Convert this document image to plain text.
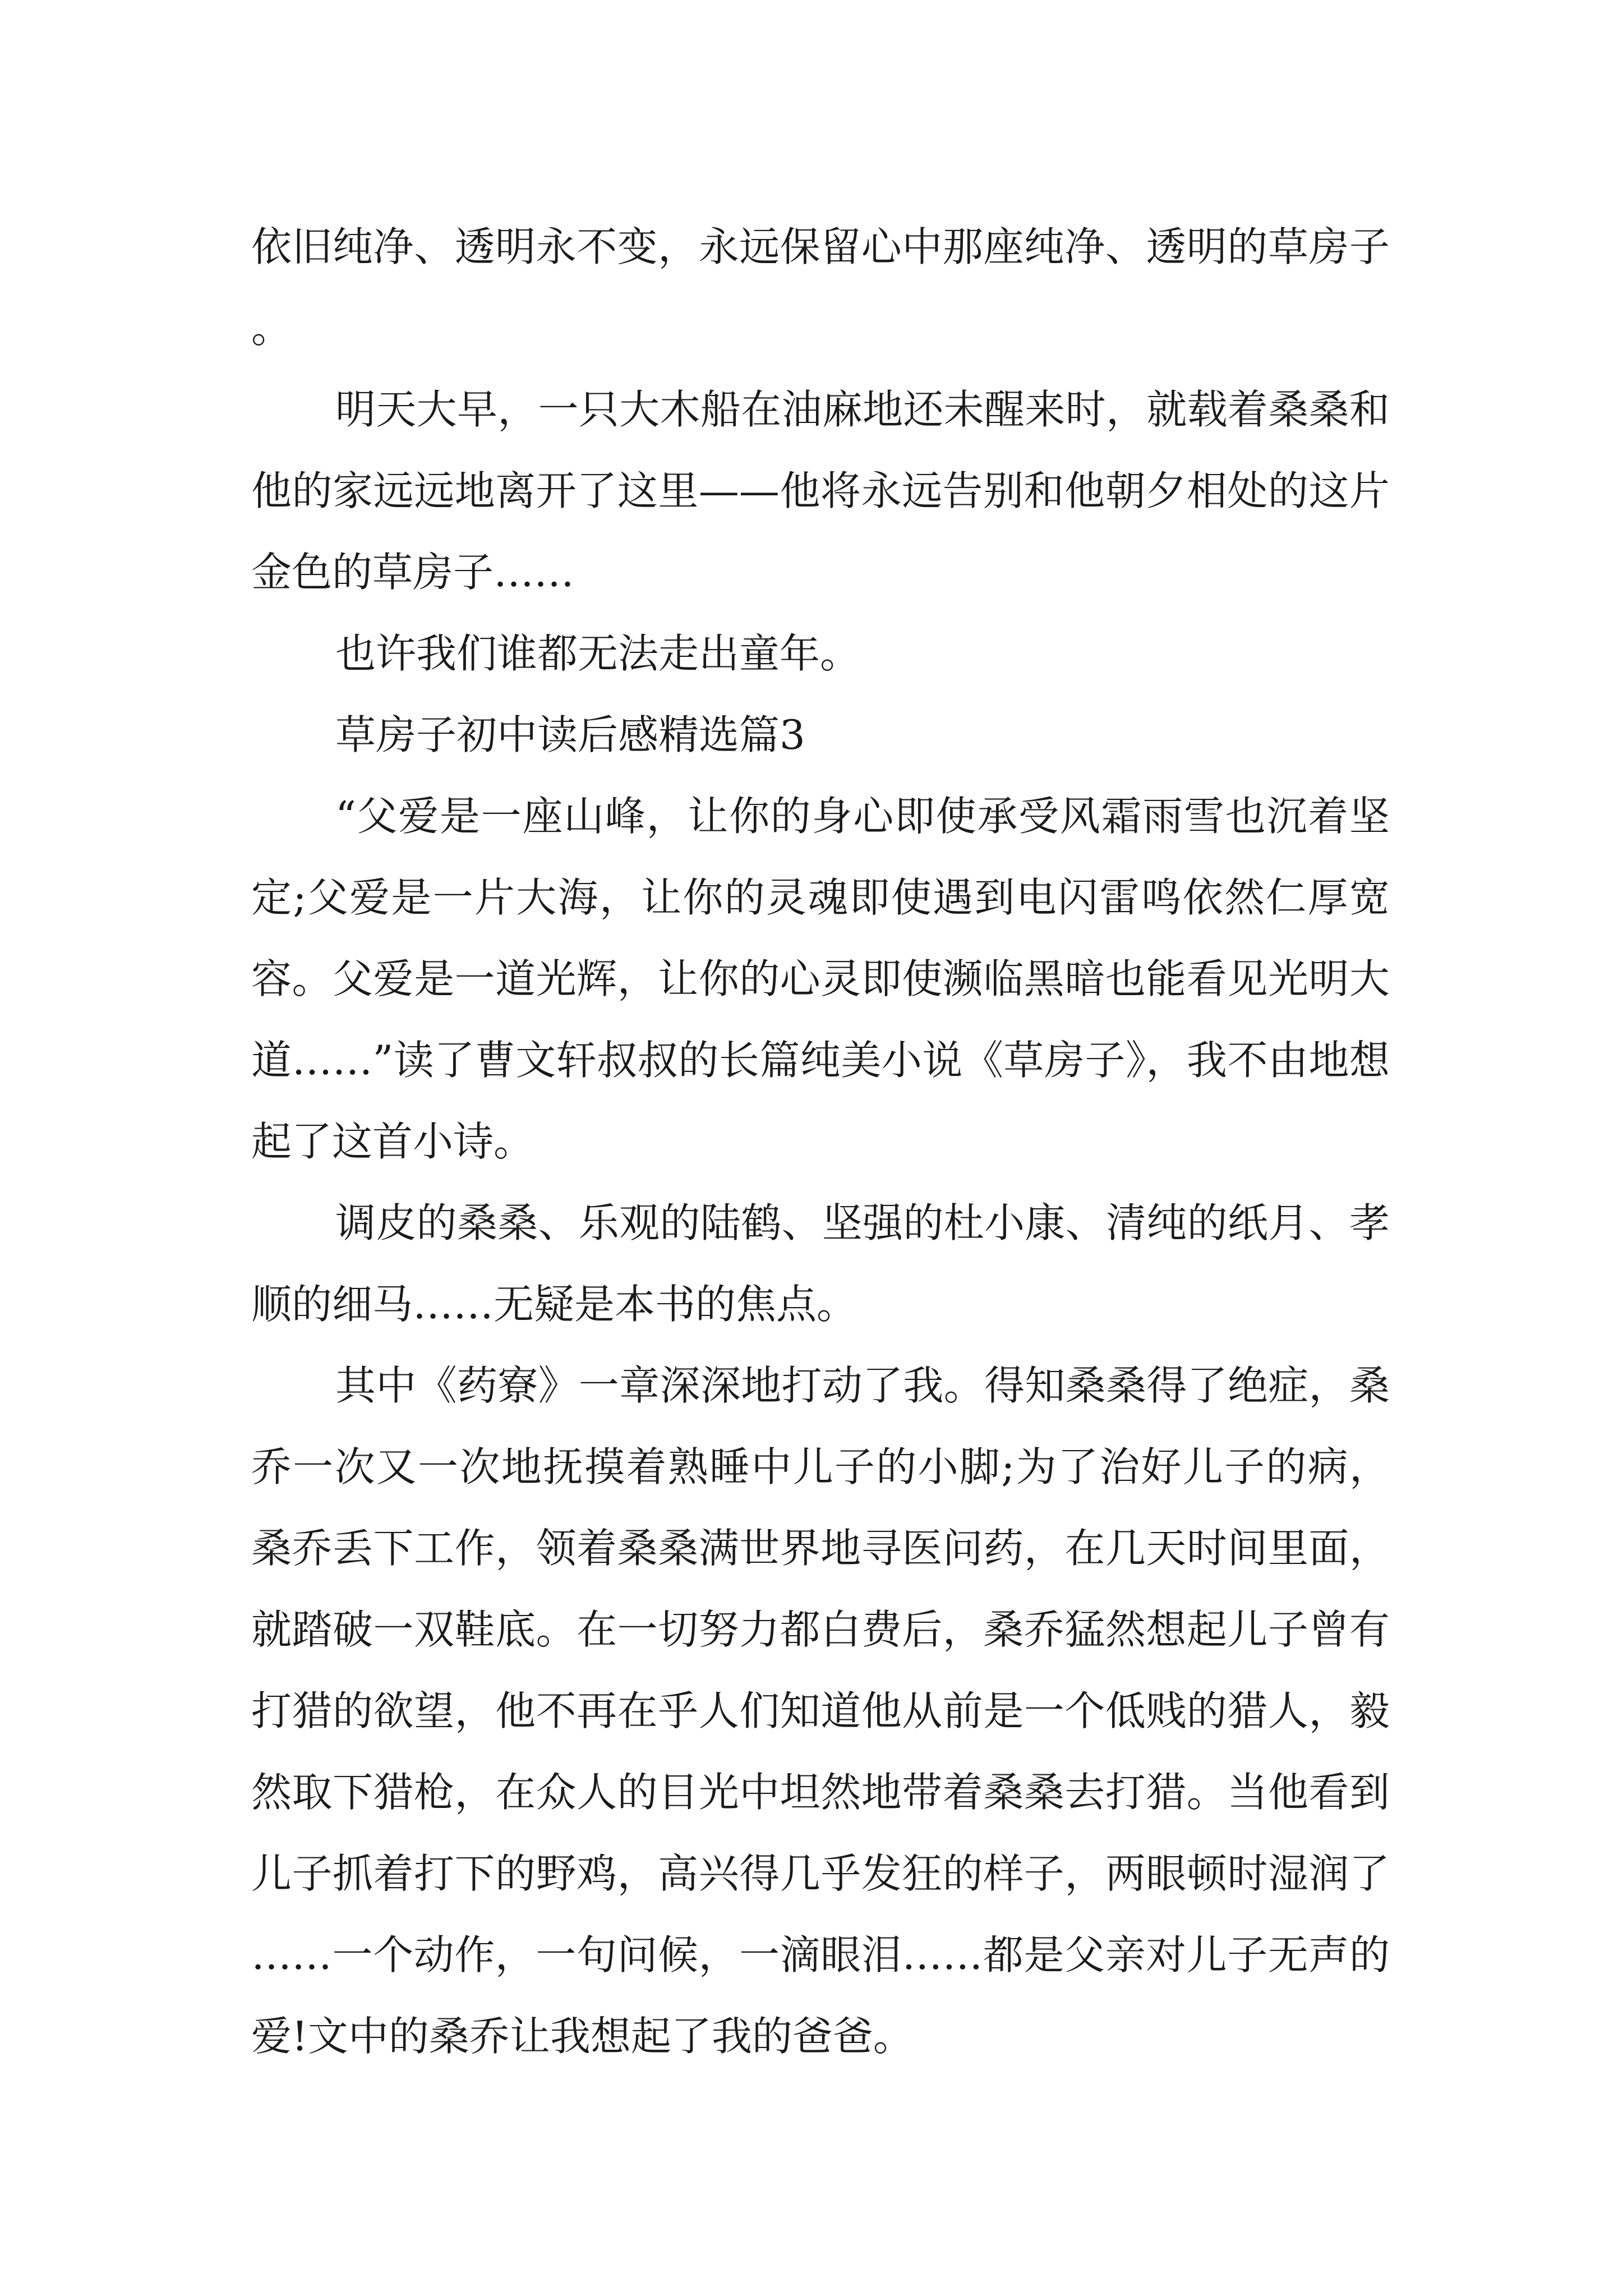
依旧纯净、透明永不变，永远保留心中那座纯净、透明的草房子。

明天大早，一只大木船在油麻地还未醒来时，就载着桑桑和他的家远远地离开了这里——他将永远告别和他朝夕相处的这片金色的草房子……

也许我们谁都无法走出童年。

草房子初中读后感精选篇3

“父爱是一座山峰，让你的身心即使承受风霜雨雪也沉着坚定;父爱是一片大海，让你的灵魂即使遇到电闪雷鸣依然仁厚宽容。父爱是一道光辉，让你的心灵即使濒临黑暗也能看见光明大道……”读了曹文轩叔叔的长篇纯美小说《草房子》，我不由地想起了这首小诗。

调皮的桑桑、乐观的陆鹤、坚强的杜小康、清纯的纸月、孝顺的细马……无疑是本书的焦点。

其中《药寮》一章深深地打动了我。得知桑桑得了绝症，桑乔一次又一次地抚摸着熟睡中儿子的小脚;为了治好儿子的病，桑乔丢下工作，领着桑桑满世界地寻医问药，在几天时间里面，就踏破一双鞋底。在一切努力都白费后，桑乔猛然想起儿子曾有打猎的欲望，他不再在乎人们知道他从前是一个低贱的猎人，毅然取下猎枪，在众人的目光中坦然地带着桑桑去打猎。当他看到儿子抓着打下的野鸡，高兴得几乎发狂的样子，两眼顿时湿润了……一个动作，一句问候，一滴眼泪……都是父亲对儿子无声的爱!文中的桑乔让我想起了我的爸爸。
